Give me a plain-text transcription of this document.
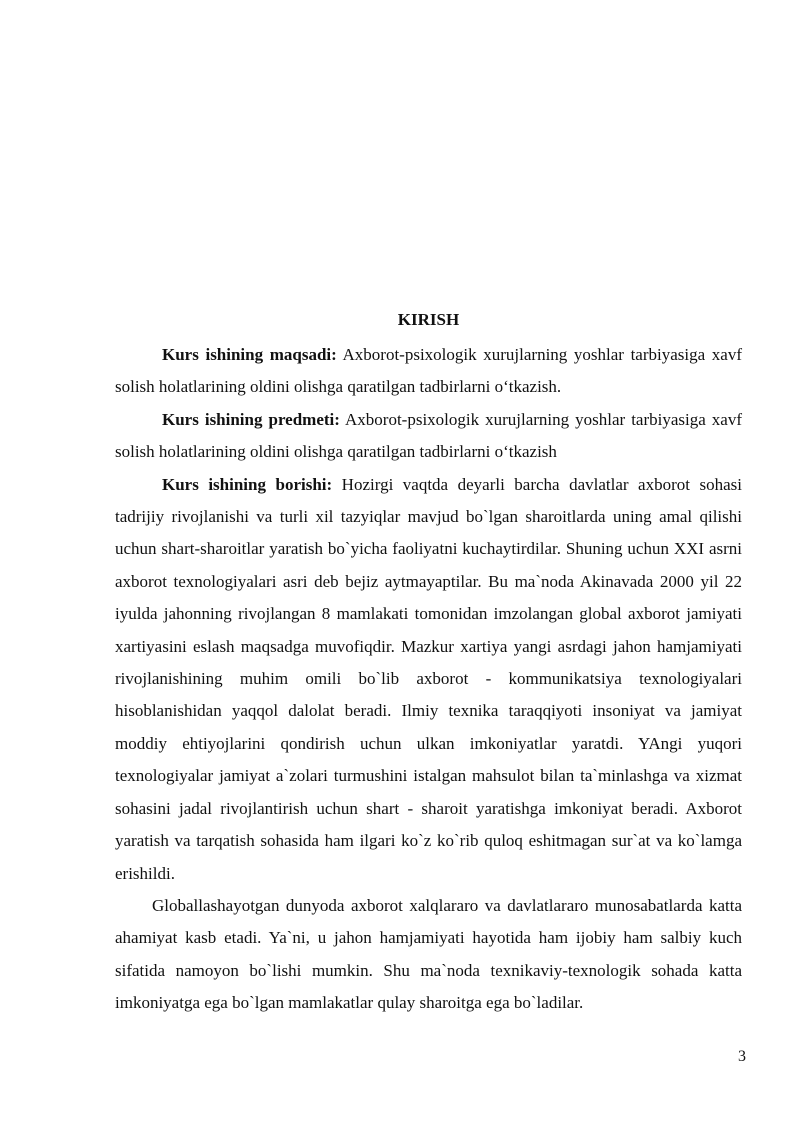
KIRISH

Kurs ishining maqsadi: Axborot-psixologik xurujlarning yoshlar tarbiyasiga xavf solish holatlarining oldini olishga qaratilgan tadbirlarni o‘tkazish.

Kurs ishining predmeti: Axborot-psixologik xurujlarning yoshlar tarbiyasiga xavf solish holatlarining oldini olishga qaratilgan tadbirlarni o‘tkazish

Kurs ishining borishi: Hozirgi vaqtda deyarli barcha davlatlar axborot sohasi tadrijiy rivojlanishi va turli xil tazyiqlar mavjud bo`lgan sharoitlarda uning amal qilishi uchun shart-sharoitlar yaratish bo`yicha faoliyatni kuchaytirdilar. Shuning uchun XXI asrni axborot texnologiyalari asri deb bejiz aytmayaptilar. Bu ma`noda Akinavada 2000 yil 22 iyulda jahonning rivojlangan 8 mamlakati tomonidan imzolangan global axborot jamiyati xartiyasini eslash maqsadga muvofiqdir. Mazkur xartiya yangi asrdagi jahon hamjamiyati rivojlanishining muhim omili bo`lib axborot - kommunikatsiya texnologiyalari hisoblanishidan yaqqol dalolat beradi. Ilmiy texnika taraqqiyoti insoniyat va jamiyat moddiy ehtiyojlarini qondirish uchun ulkan imkoniyatlar yaratdi. YAngi yuqori texnologiyalar jamiyat a`zolari turmushini istalgan mahsulot bilan ta`minlashga va xizmat sohasini jadal rivojlantirish uchun shart - sharoit yaratishga imkoniyat beradi. Axborot yaratish va tarqatish sohasida ham ilgari ko`z ko`rib quloq eshitmagan sur`at va ko`lamga erishildi.

Globallashayotgan dunyoda axborot xalqlararo va davlatlararo munosabatlarda katta ahamiyat kasb etadi. Ya`ni, u jahon hamjamiyati hayotida ham ijobiy ham salbiy kuch sifatida namoyon bo`lishi mumkin. Shu ma`noda texnikaviy-texnologik sohada katta imkoniyatga ega bo`lgan mamlakatlar qulay sharoitga ega bo`ladilar.

3
